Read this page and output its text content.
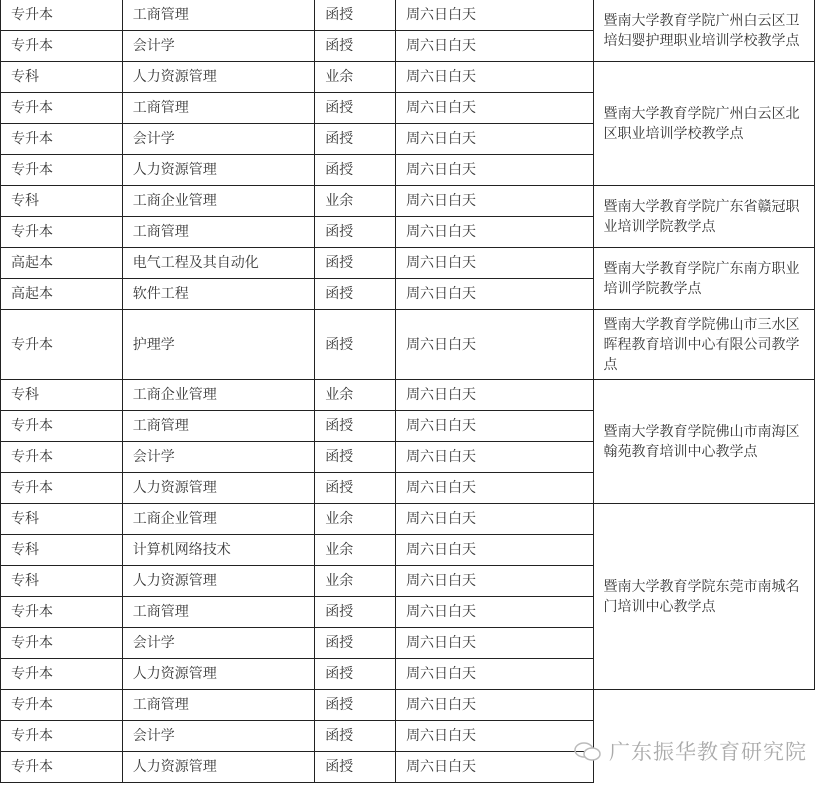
专升本	工商管理	函授	周六日白天	暨南大学教育学院广州白云区卫培妇婴护理职业培训学校教学点
专升本	会计学	函授	周六日白天	
专科	人力资源管理	业余	周六日白天	暨南大学教育学院广州白云区北区职业培训学校教学点
专升本	工商管理	函授	周六日白天	
专升本	会计学	函授	周六日白天	
专升本	人力资源管理	函授	周六日白天	
专科	工商企业管理	业余	周六日白天	暨南大学教育学院广东省赣冠职业培训学院教学点
专升本	工商管理	函授	周六日白天	
高起本	电气工程及其自动化	函授	周六日白天	暨南大学教育学院广东南方职业培训学院教学点
高起本	软件工程	函授	周六日白天	
专升本	护理学	函授	周六日白天	暨南大学教育学院佛山市三水区晖程教育培训中心有限公司教学点
专科	工商企业管理	业余	周六日白天	暨南大学教育学院佛山市南海区翰苑教育培训中心教学点
专升本	工商管理	函授	周六日白天	
专升本	会计学	函授	周六日白天	
专升本	人力资源管理	函授	周六日白天	
专科	工商企业管理	业余	周六日白天	暨南大学教育学院东莞市南城名门培训中心教学点
专科	计算机网络技术	业余	周六日白天	
专科	人力资源管理	业余	周六日白天	
专升本	工商管理	函授	周六日白天	
专升本	会计学	函授	周六日白天	
专升本	人力资源管理	函授	周六日白天	
专升本	工商管理	函授	周六日白天	
专升本	会计学	函授	周六日白天	
专升本	人力资源管理	函授	周六日白天	
广东振华教育研究院
